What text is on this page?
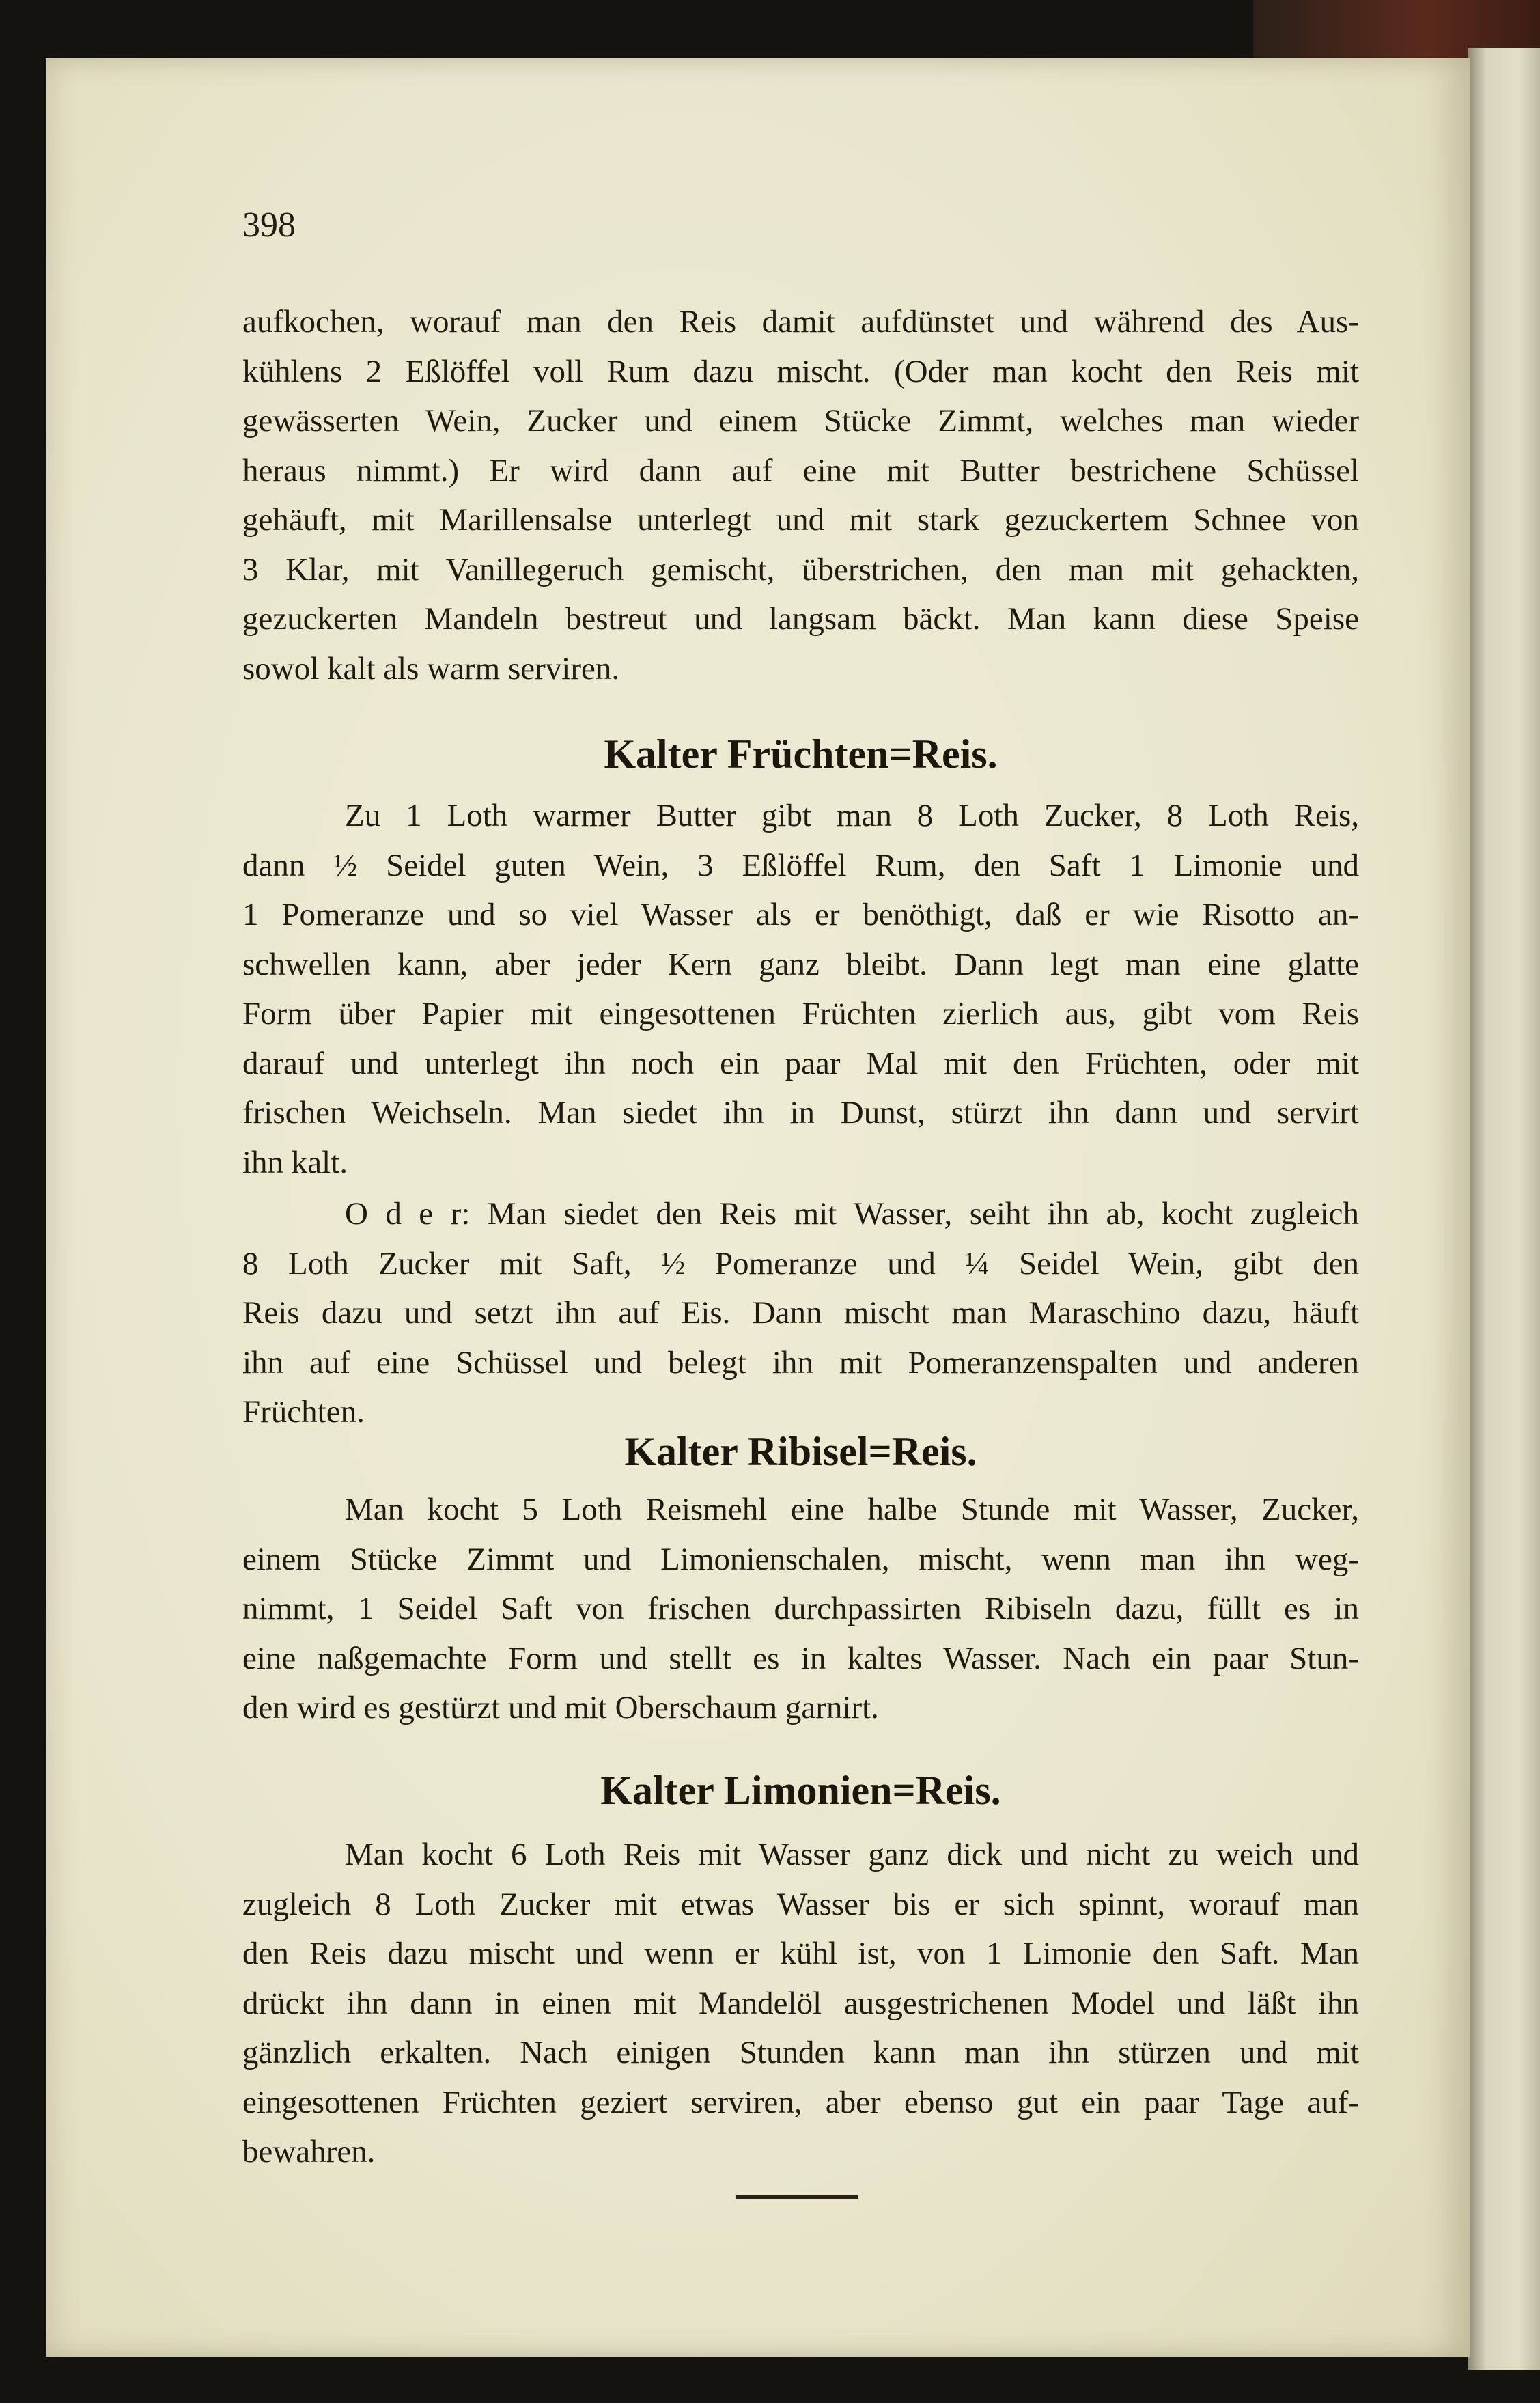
398
aufkochen, worauf man den Reis damit aufdünstet und während des Aus-
kühlens 2 Eßlöffel voll Rum dazu mischt. (Oder man kocht den Reis mit
gewässerten Wein, Zucker und einem Stücke Zimmt, welches man wieder
heraus nimmt.) Er wird dann auf eine mit Butter bestrichene Schüssel
gehäuft, mit Marillensalse unterlegt und mit stark gezuckertem Schnee von
3 Klar, mit Vanillegeruch gemischt, überstrichen, den man mit gehackten,
gezuckerten Mandeln bestreut und langsam bäckt. Man kann diese Speise
sowol kalt als warm serviren.
Kalter Früchten=Reis.
Zu 1 Loth warmer Butter gibt man 8 Loth Zucker, 8 Loth Reis,
dann ½ Seidel guten Wein, 3 Eßlöffel Rum, den Saft 1 Limonie und
1 Pomeranze und so viel Wasser als er benöthigt, daß er wie Risotto an-
schwellen kann, aber jeder Kern ganz bleibt. Dann legt man eine glatte
Form über Papier mit eingesottenen Früchten zierlich aus, gibt vom Reis
darauf und unterlegt ihn noch ein paar Mal mit den Früchten, oder mit
frischen Weichseln. Man siedet ihn in Dunst, stürzt ihn dann und servirt
ihn kalt.
O d e r: Man siedet den Reis mit Wasser, seiht ihn ab, kocht zugleich
8 Loth Zucker mit Saft, ½ Pomeranze und ¼ Seidel Wein, gibt den
Reis dazu und setzt ihn auf Eis. Dann mischt man Maraschino dazu, häuft
ihn auf eine Schüssel und belegt ihn mit Pomeranzenspalten und anderen
Früchten.
Kalter Ribisel=Reis.
Man kocht 5 Loth Reismehl eine halbe Stunde mit Wasser, Zucker,
einem Stücke Zimmt und Limonienschalen, mischt, wenn man ihn weg-
nimmt, 1 Seidel Saft von frischen durchpassirten Ribiseln dazu, füllt es in
eine naßgemachte Form und stellt es in kaltes Wasser. Nach ein paar Stun-
den wird es gestürzt und mit Oberschaum garnirt.
Kalter Limonien=Reis.
Man kocht 6 Loth Reis mit Wasser ganz dick und nicht zu weich und
zugleich 8 Loth Zucker mit etwas Wasser bis er sich spinnt, worauf man
den Reis dazu mischt und wenn er kühl ist, von 1 Limonie den Saft. Man
drückt ihn dann in einen mit Mandelöl ausgestrichenen Model und läßt ihn
gänzlich erkalten. Nach einigen Stunden kann man ihn stürzen und mit
eingesottenen Früchten geziert serviren, aber ebenso gut ein paar Tage auf-
bewahren.
